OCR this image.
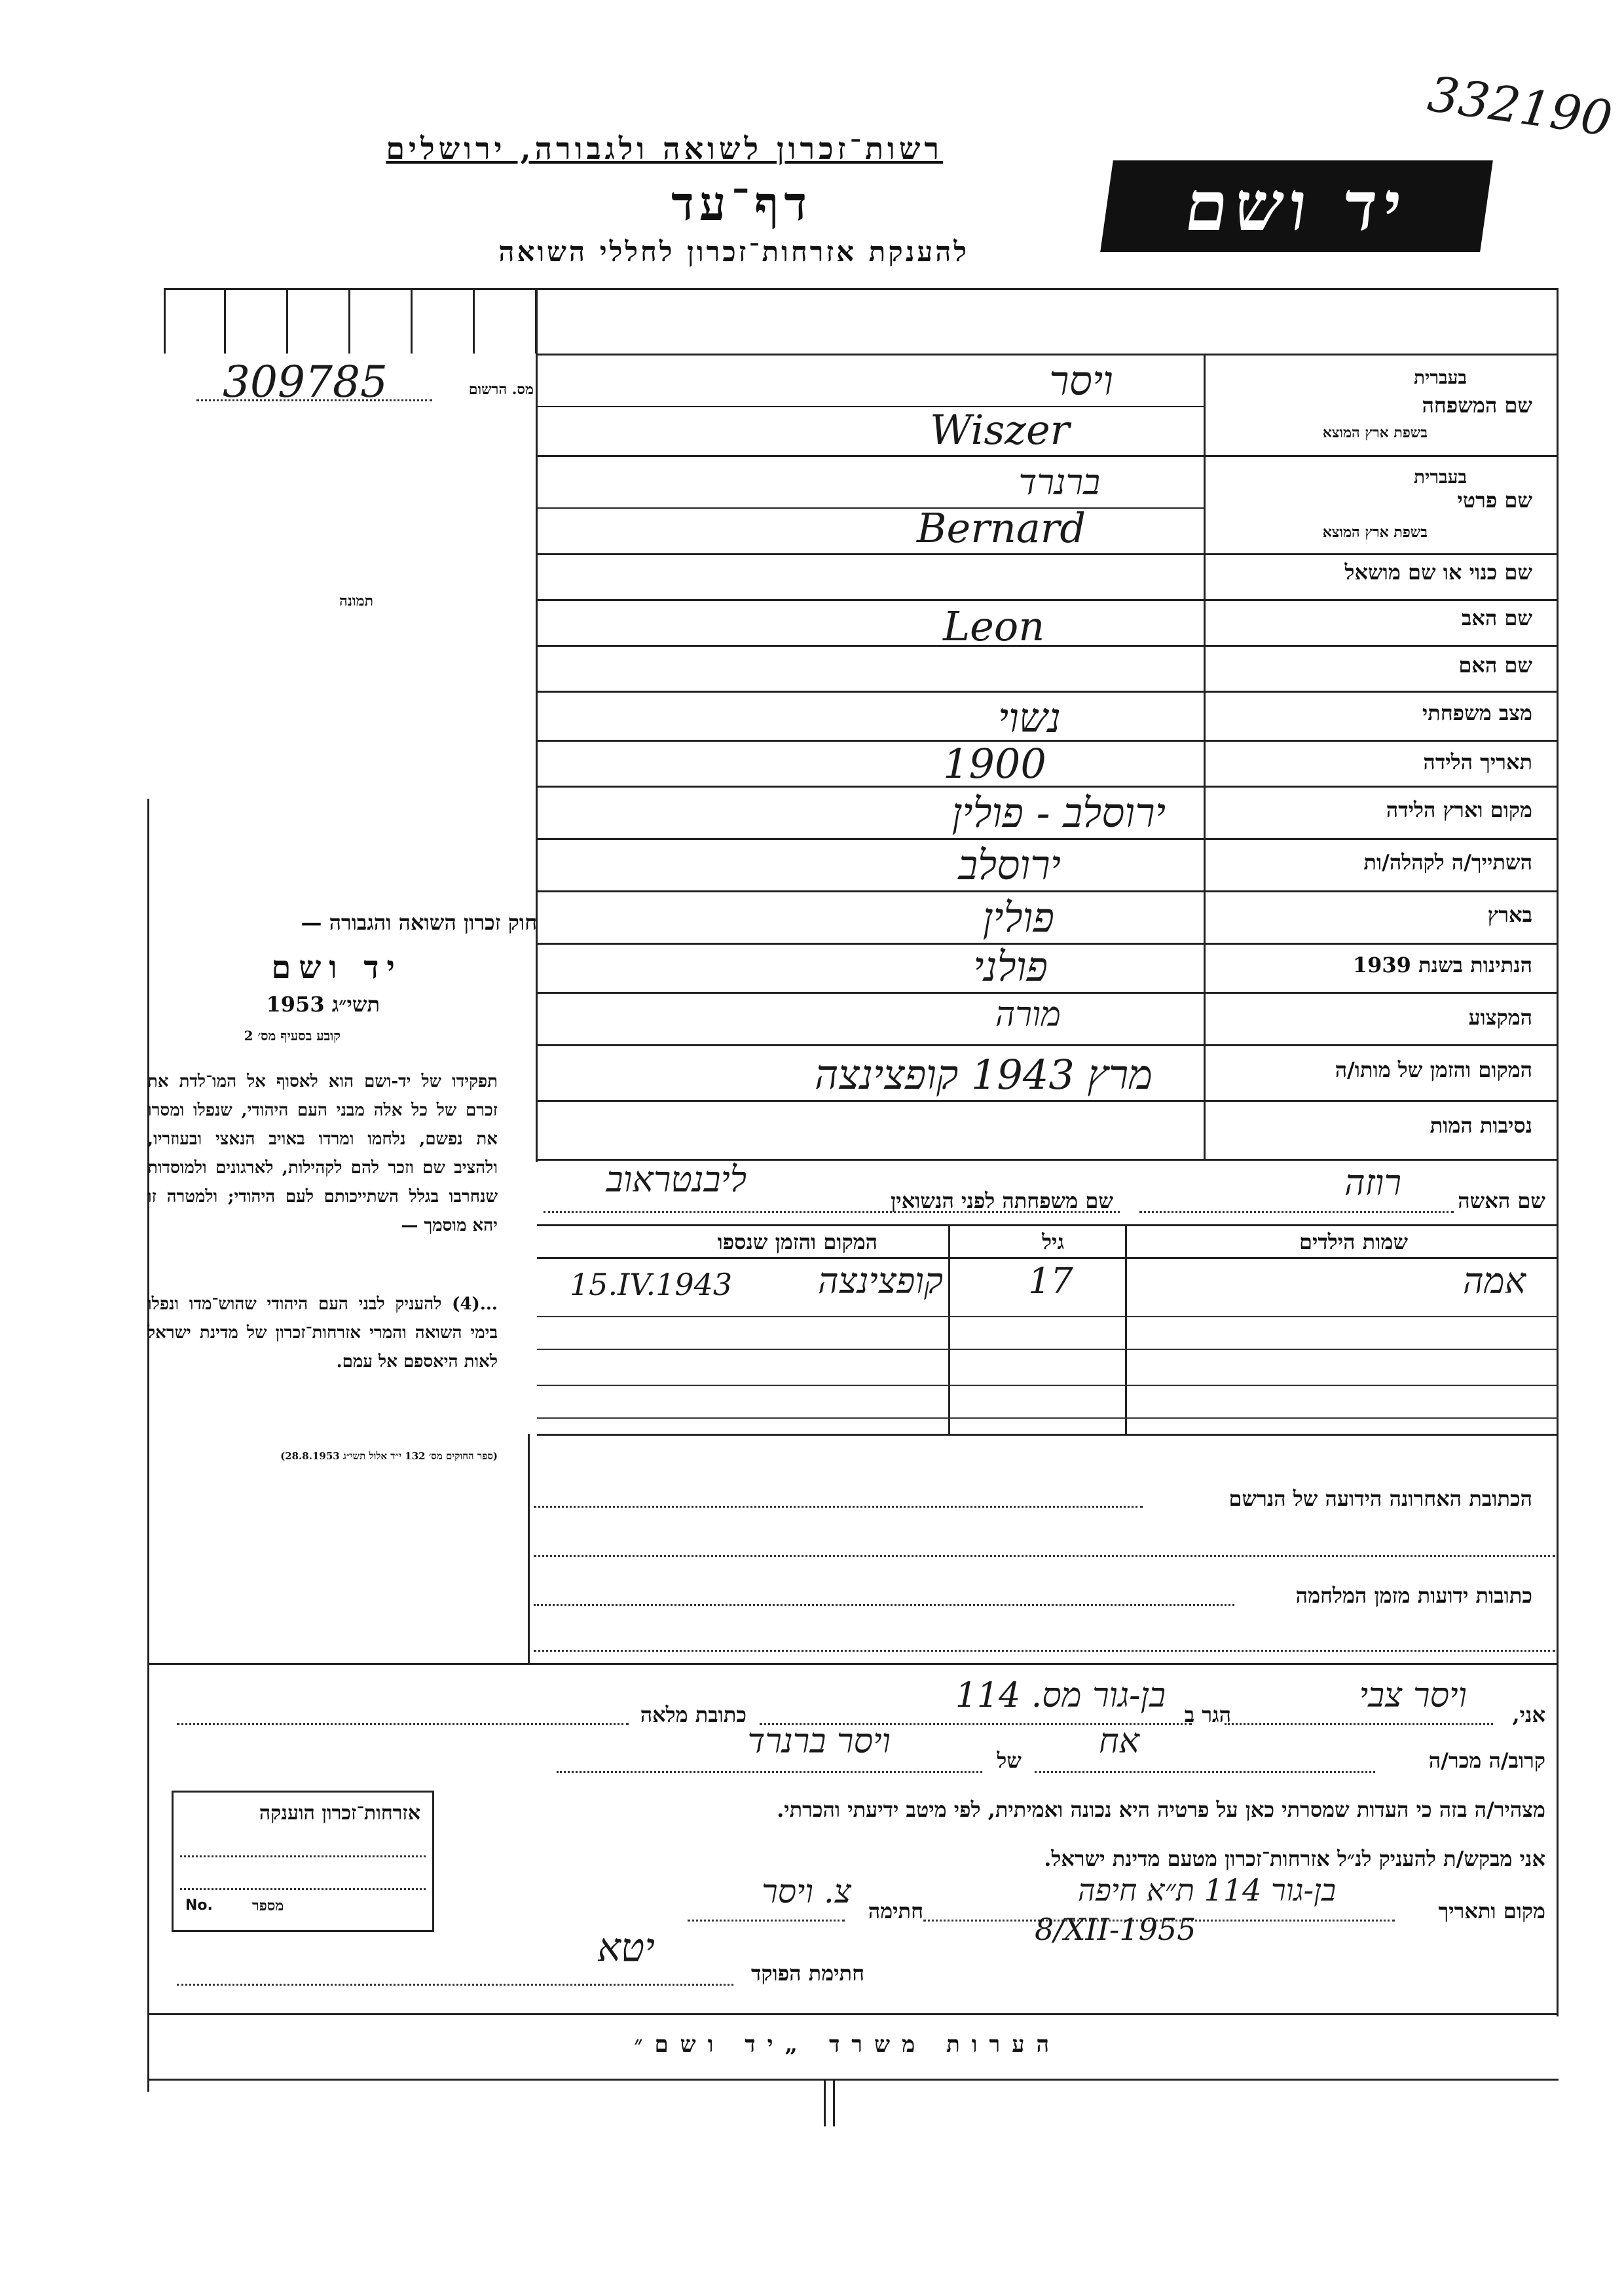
332190
רשות־זכרון לשואה ולגבורה, ירושלים
דף־עד
להענקת אזרחות־זכרון לחללי השואה
יד ושם
309785	מס. הרשום
תמונה
שם המשפחה
בעברית
בשפת ארץ המוצא
ויסר
Wiszer
שם פרטי
בעברית
בשפת ארץ המוצא
ברנרד
Bernard
שם כנוי או שם מושאל
שם האב
Leon
שם האם
מצב משפחתי
נשוי
תאריך הלידה
1900
מקום וארץ הלידה
ירוסלב - פולין
השתייך/ה לקהלה/ות
ירוסלב
בארץ
פולין
הנתינות בשנת 1939
פולני
המקצוע
מורה
המקום והזמן של מותו/ה
מרץ 1943 קופצינצה
נסיבות המות
שם האשה
רוזה
שם משפחתה לפני הנשואין
ליבנטראוב
שמות הילדים
גיל
המקום והזמן שנספו
אמה
17
קופצינצה
15.IV.1943
הכתובת האחרונה הידועה של הנרשם
כתובות ידועות מזמן המלחמה
חוק זכרון השואה והגבורה —
יד ושם
תשי״ג 1953
קובע בסעיף מס׳ 2
תפקידו של יד-ושם הוא לאסוף אל המו־לדת את זכרם של כל אלה מבני העם היהודי, שנפלו ומסרו את נפשם, נלחמו ומרדו באויב הנאצי ובעוזריו, ולהציב שם וזכר להם לקהילות, לארגונים ולמוסדות שנחרבו בגלל השתייכותם לעם היהודי; ולמטרה זו יהא מוסמך —
...(4) להעניק לבני העם היהודי שהוש־מדו ונפלו בימי השואה והמרי אזרחות־זכרון של מדינת ישראל לאות היאספם אל עמם.
(ספר החוקים מס׳ 132 י״ד אלול תשי״ג 28.8.1953)
אני,
ויסר צבי
הגר ב
בן-גור מס. 114
כתובת מלאה
קרוב/ה מכר/ה
אח
של
ויסר ברנרד
מצהיר/ה בזה כי העדות שמסרתי כאן על פרטיה היא נכונה ואמיתית, לפי מיטב ידיעתי והכרתי.
אני מבקש/ת להעניק לנ״ל אזרחות־זכרון מטעם מדינת ישראל.
מקום ותאריך
בן-גור 114 ת״א חיפה
8/XII-1955
חתימה
צ. ויסר
חתימת הפוקד
יטא
אזרחות־זכרון הוענקה
No.	מספר
הערות משרד „יד ושם״
